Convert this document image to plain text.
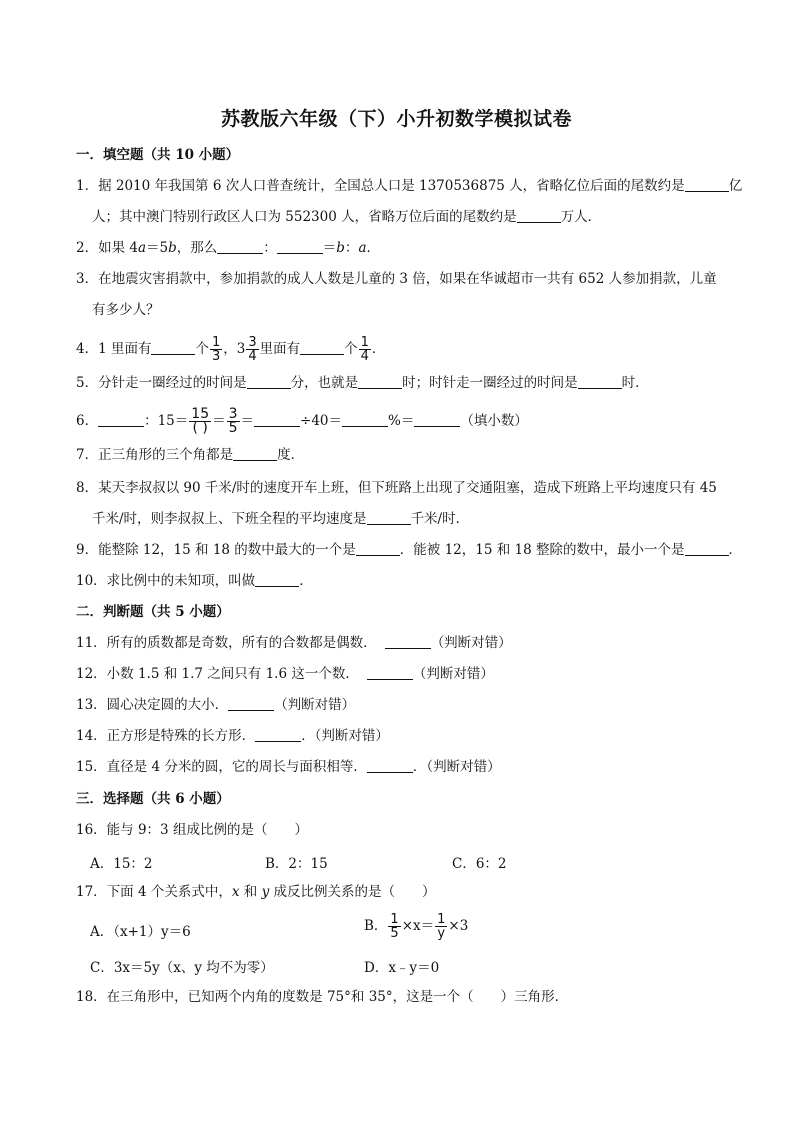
苏教版六年级（下）小升初数学模拟试卷
一．填空题（共 10 小题）
1．据 2010 年我国第 6 次人口普查统计，全国总人口是 1370536875 人，省略亿位后面的尾数约是	亿
人；其中澳门特别行政区人口为 552300 人，省略万位后面的尾数约是	万人．
2．如果 4a＝5b，那么	：	＝b：a．
3．在地震灾害捐款中，参加捐款的成人人数是儿童的 3 倍，如果在华诚超市一共有 652 人参加捐款，儿童
有多少人？
4．1 里面有	个 $\frac{1}{3}$ ，$3 \frac{3}{4}$ 里面有	个 $\frac{1}{4}$ ．
5．分针走一圈经过的时间是	分，也就是	时；时针走一圈经过的时间是	时．
6．	：$15= \frac{15}{( )} = \frac{3}{5}$ ＝	÷40＝	%＝	（填小数）
7．正三角形的三个角都是	度．
8．某天李叔叔以 90 千米/时的速度开车上班，但下班路上出现了交通阻塞，造成下班路上平均速度只有 45
千米/时，则李叔叔上、下班全程的平均速度是	千米/时．
9．能整除 12，15 和 18 的数中最大的一个是	．能被 12，15 和 18 整除的数中，最小一个是	．
10．求比例中的未知项，叫做	．
二．判断题（共 5 小题）
11．所有的质数都是奇数，所有的合数都是偶数．	（判断对错）
12．小数 1.5 和 1.7 之间只有 1.6 这一个数．	（判断对错）
13．圆心决定圆的大小．	（判断对错）
14．正方形是特殊的长方形．	．（判断对错）
15．直径是 4 分米的圆，它的周长与面积相等．	．（判断对错）
三．选择题（共 6 小题）
16．能与 9：3 组成比例的是（　　）
A．15：2	B．2：15	C．6：2
17．下面 4 个关系式中，x 和 y 成反比例关系的是（　　）
A．（x+1）y＝6	B． $\frac{1}{5} \times x= \frac{1}{y} \times 3$
C．3x＝5y（x、y 均不为零）	D．x﹣y＝0
18．在三角形中，已知两个内角的度数是 75°和 35°，这是一个（　　）三角形．
